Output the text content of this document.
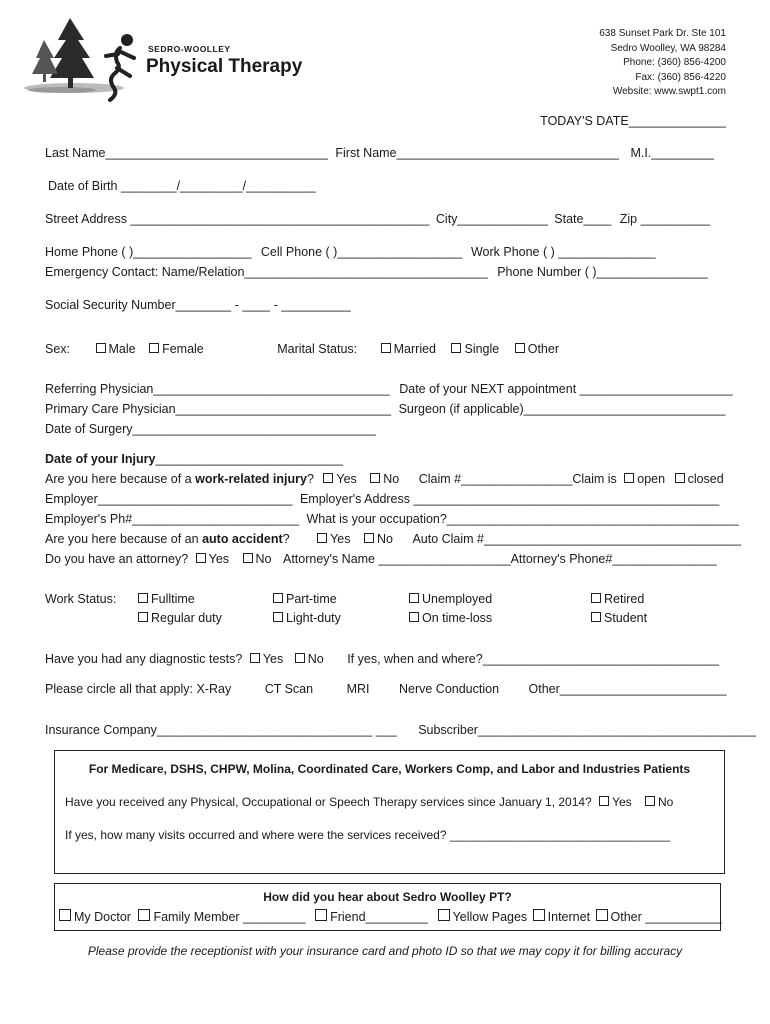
SEDRO-WOOLLEY
Physical Therapy
638 Sunset Park Dr. Ste 101
Sedro Woolley, WA 98284
Phone: (360) 856-4200
Fax: (360) 856-4220
Website: www.swpt1.com
TODAY'S DATE______________
Last Name________________________________ First Name________________________________ M.I._________
Date of Birth ________/_________/__________
Street Address ___________________________________________ City_____________ State____ Zip __________
Home Phone ( )_________________ Cell Phone ( )__________________ Work Phone ( ) ______________
Emergency Contact: Name/Relation___________________________________ Phone Number ( )________________
Social Security Number________ - ____ - __________
Sex:	Male Female	Marital Status:	Married Single Other
Referring Physician__________________________________ Date of your NEXT appointment ______________________
Primary Care Physician_______________________________ Surgeon (if applicable)_____________________________
Date of Surgery___________________________________
Date of your Injury___________________________
Are you here because of a work-related injury? Yes No Claim #________________Claim is open closed
Employer____________________________ Employer's Address ____________________________________________
Employer's Ph#________________________ What is your occupation?__________________________________________
Are you here because of an auto accident?	Yes No Auto Claim #_____________________________________
Do you have an attorney? Yes No Attorney's Name ___________________Attorney's Phone#_______________
Work Status:	Fulltime	Part-time	Unemployed	Retired
Regular duty	Light-duty	On time-loss	Student
Have you had any diagnostic tests? Yes No If yes, when and where?__________________________________
Please circle all that apply: X-Ray	CT Scan	MRI Nerve Conduction Other________________________
Insurance Company_______________________________ ___ Subscriber________________________________________
For Medicare, DSHS, CHPW, Molina, Coordinated Care, Workers Comp, and Labor and Industries Patients
Have you received any Physical, Occupational or Speech Therapy services since January 1, 2014? Yes No
If yes, how many visits occurred and where were the services received? _________________________________
How did you hear about Sedro Woolley PT?
My Doctor Family Member _________ Friend_________ Yellow Pages Internet Other ___________
Please provide the receptionist with your insurance card and photo ID so that we may copy it for billing accuracy
